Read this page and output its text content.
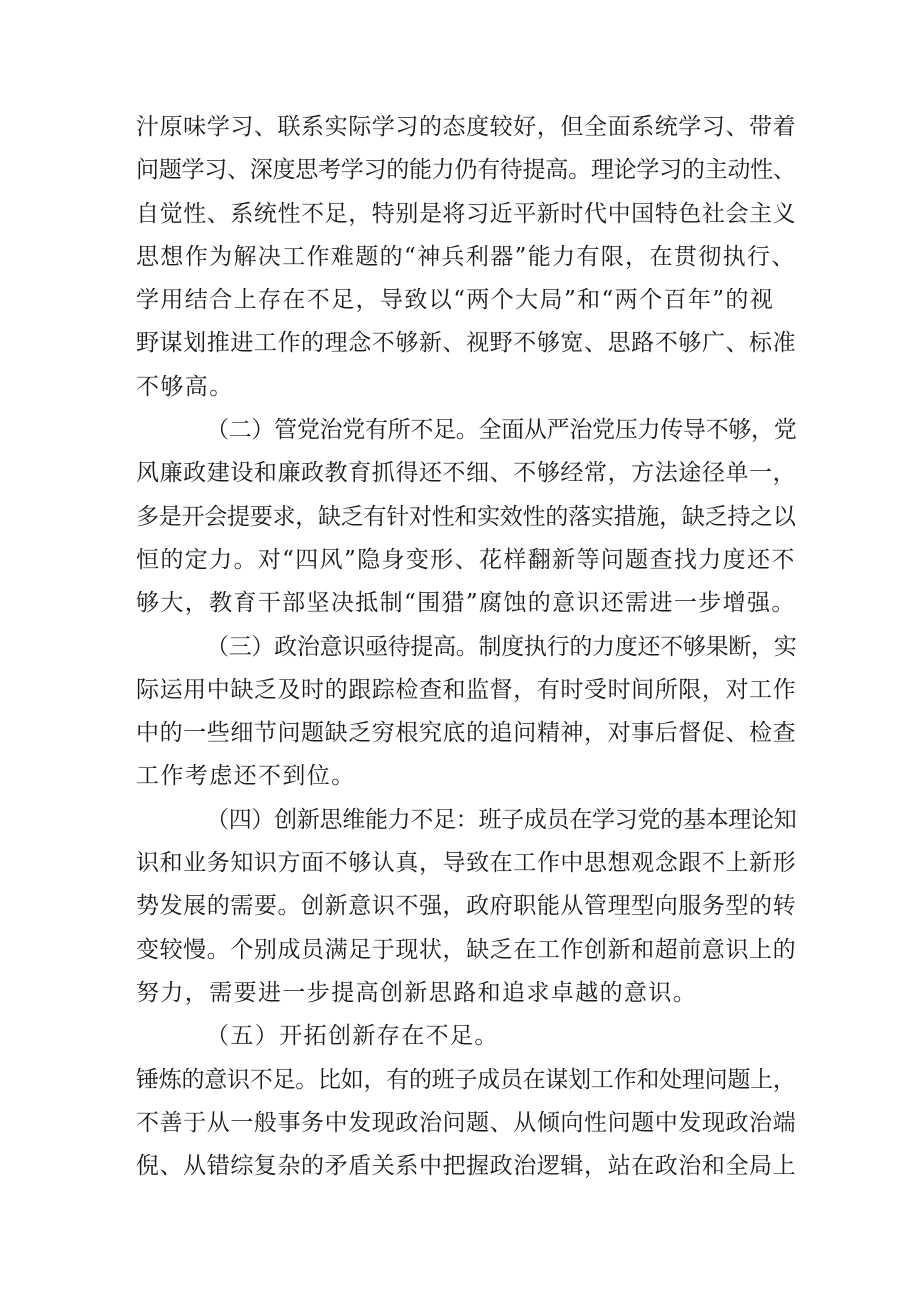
汁原味学习、联系实际学习的态度较好，但全面系统学习、带着
问题学习、深度思考学习的能力仍有待提高。理论学习的主动性、
自觉性、系统性不足，特别是将习近平新时代中国特色社会主义
思想作为解决工作难题的“神兵利器”能力有限，在贯彻执行、
学用结合上存在不足，导致以“两个大局”和“两个百年”的视
野谋划推进工作的理念不够新、视野不够宽、思路不够广、标准
不够高。
（二）管党治党有所不足。全面从严治党压力传导不够，党
风廉政建设和廉政教育抓得还不细、不够经常，方法途径单一，
多是开会提要求，缺乏有针对性和实效性的落实措施，缺乏持之以
恒的定力。对“四风”隐身变形、花样翻新等问题查找力度还不
够大，教育干部坚决抵制“围猎”腐蚀的意识还需进一步增强。
（三）政治意识亟待提高。制度执行的力度还不够果断，实
际运用中缺乏及时的跟踪检查和监督，有时受时间所限，对工作
中的一些细节问题缺乏穷根究底的追问精神，对事后督促、检查
工作考虑还不到位。
（四）创新思维能力不足：班子成员在学习党的基本理论知
识和业务知识方面不够认真，导致在工作中思想观念跟不上新形
势发展的需要。创新意识不强，政府职能从管理型向服务型的转
变较慢。个别成员满足于现状，缺乏在工作创新和超前意识上的
努力，需要进一步提高创新思路和追求卓越的意识。
（五）开拓创新存在不足。
锤炼的意识不足。比如，有的班子成员在谋划工作和处理问题上，
不善于从一般事务中发现政治问题、从倾向性问题中发现政治端
倪、从错综复杂的矛盾关系中把握政治逻辑，站在政治和全局上
